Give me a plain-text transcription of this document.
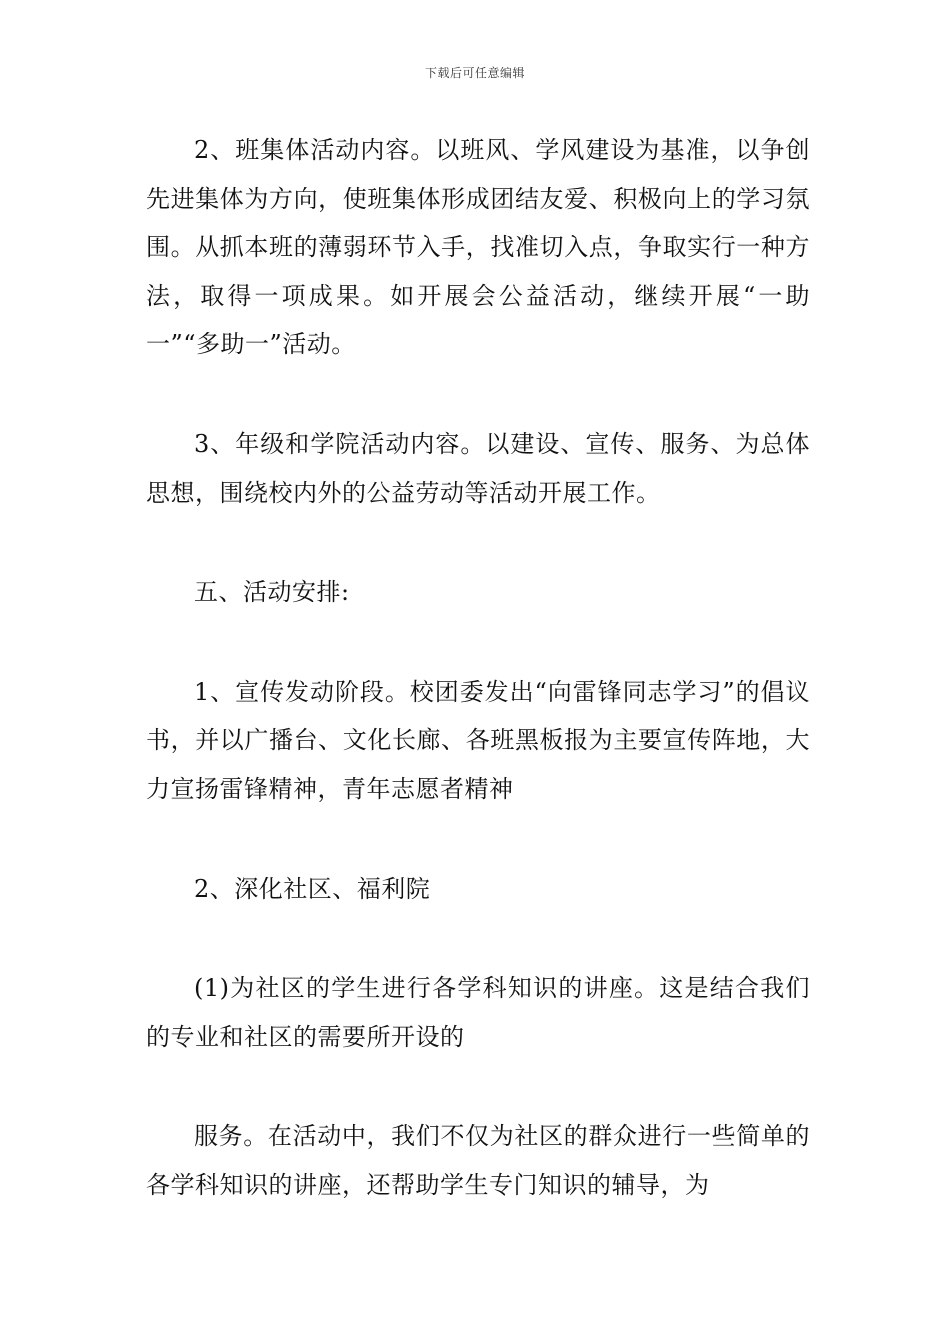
下载后可任意编辑

2、班集体活动内容。以班风、学风建设为基准，以争创先进集体为方向，使班集体形成团结友爱、积极向上的学习氛围。从抓本班的薄弱环节入手，找准切入点，争取实行一种方法，取得一项成果。如开展会公益活动，继续开展“一助一”“多助一”活动。

3、年级和学院活动内容。以建设、宣传、服务、为总体思想，围绕校内外的公益劳动等活动开展工作。

五、活动安排:

1、宣传发动阶段。校团委发出“向雷锋同志学习”的倡议书，并以广播台、文化长廊、各班黑板报为主要宣传阵地，大力宣扬雷锋精神，青年志愿者精神

2、深化社区、福利院

(1)为社区的学生进行各学科知识的讲座。这是结合我们的专业和社区的需要所开设的

服务。在活动中，我们不仅为社区的群众进行一些简单的各学科知识的讲座，还帮助学生专门知识的辅导，为
